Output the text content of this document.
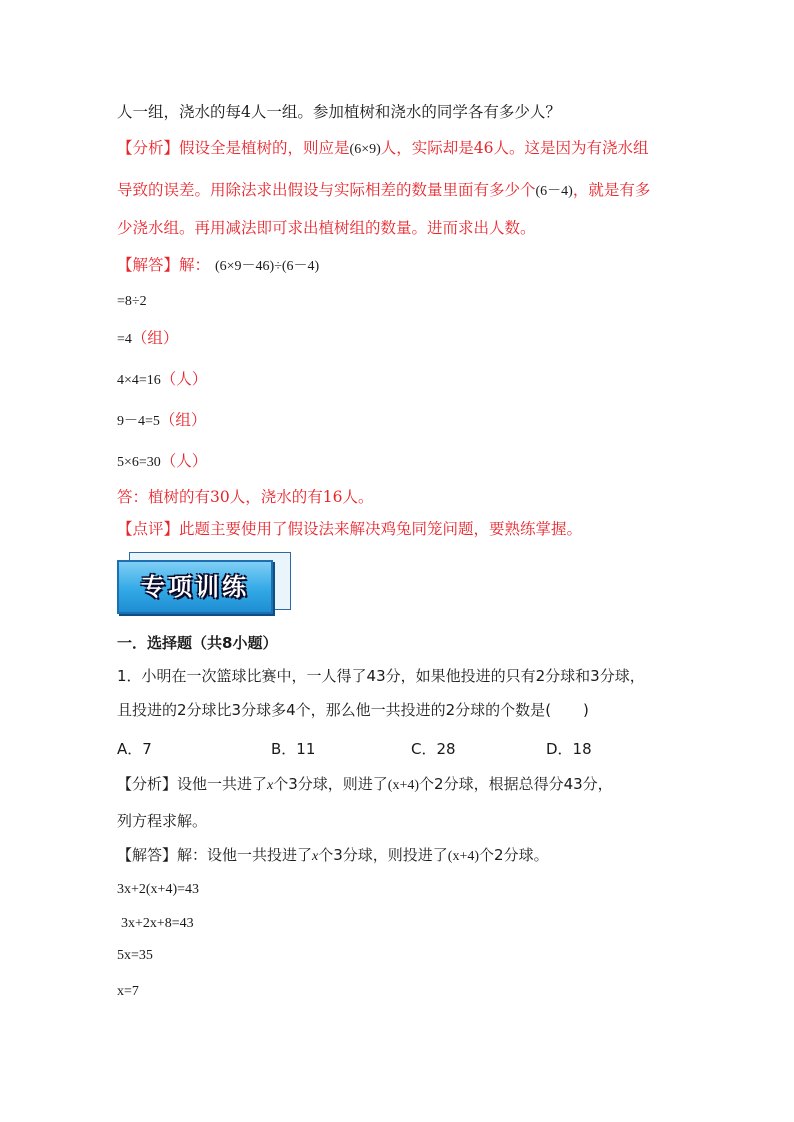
人一组，浇水的每4人一组。参加植树和浇水的同学各有多少人？

【分析】假设全是植树的，则应是(6×9)人，实际却是46人。这是因为有浇水组

导致的误差。用除法求出假设与实际相差的数量里面有多少个(6－4)，就是有多

少浇水组。再用减法即可求出植树组的数量。进而求出人数。

【解答】解： (6×9－46)÷(6－4)

=8÷2

=4（组）

4×4=16（人）

9－4=5（组）

5×6=30（人）

答：植树的有30人，浇水的有16人。

【点评】此题主要使用了假设法来解决鸡兔同笼问题，要熟练掌握。

专项训练

一．选择题（共8小题）

1．小明在一次篮球比赛中，一人得了43分，如果他投进的只有2分球和3分球，

且投进的2分球比3分球多4个，那么他一共投进的2分球的个数是( )

A．7	B．11	C．28	D．18

【分析】设他一共进了x个3分球，则进了(x+4)个2分球，根据总得分43分，

列方程求解。

【解答】解：设他一共投进了x个3分球，则投进了(x+4)个2分球。

3x+2(x+4)=43

3x+2x+8=43

5x=35

x=7
